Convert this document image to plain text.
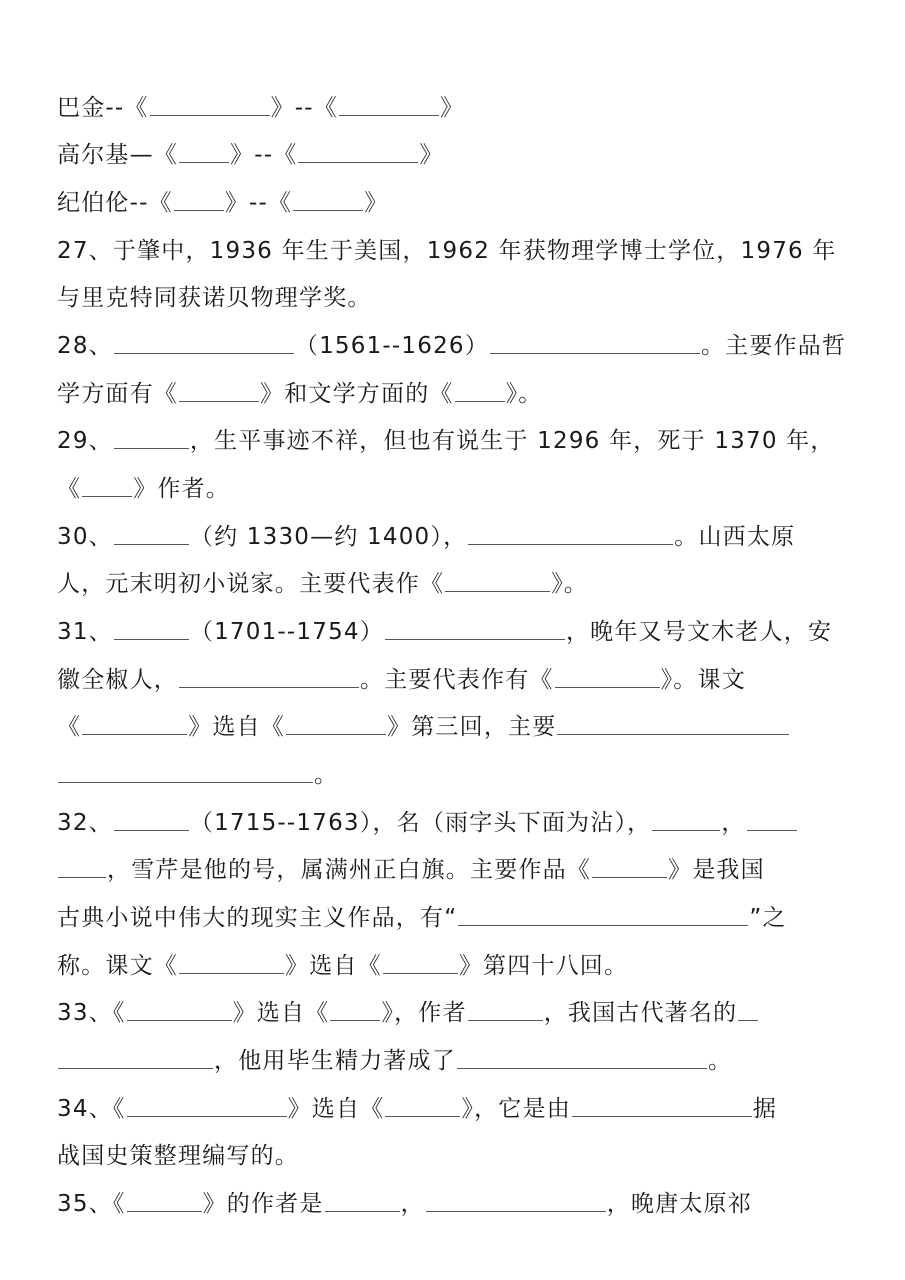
巴金--《	》--《	》
高尔基—《 》--《	》
纪伯伦--《 》--《	》
27、于肇中，1936 年生于美国，1962 年获物理学博士学位，1976 年
与里克特同获诺贝物理学奖。
28、	（1561--1626）	。主要作品哲
学方面有《	》和文学方面的《 》。
29、	，生平事迹不祥，但也有说生于 1296 年，死于 1370 年，
《 》作者。
30、	（约 1330—约 1400），	。山西太原
人，元末明初小说家。主要代表作《	》。
31、	（1701--1754）	，晚年又号文木老人，安
徽全椒人，	。主要代表作有《	》。课文
《	》选自《	》第三回，主要
。
32、	（1715--1763），名（雨字头下面为沾），	，
，雪芹是他的号，属满州正白旗。主要作品《	》是我国
古典小说中伟大的现实主义作品，有“	”之
称。课文《	》选自《	》第四十八回。
33、《	》选自《 》，作者	，我国古代著名的
，他用毕生精力著成了	。
34、《	》选自《	》，它是由	据
战国史策整理编写的。
35、《	》的作者是	，	，晚唐太原祁
